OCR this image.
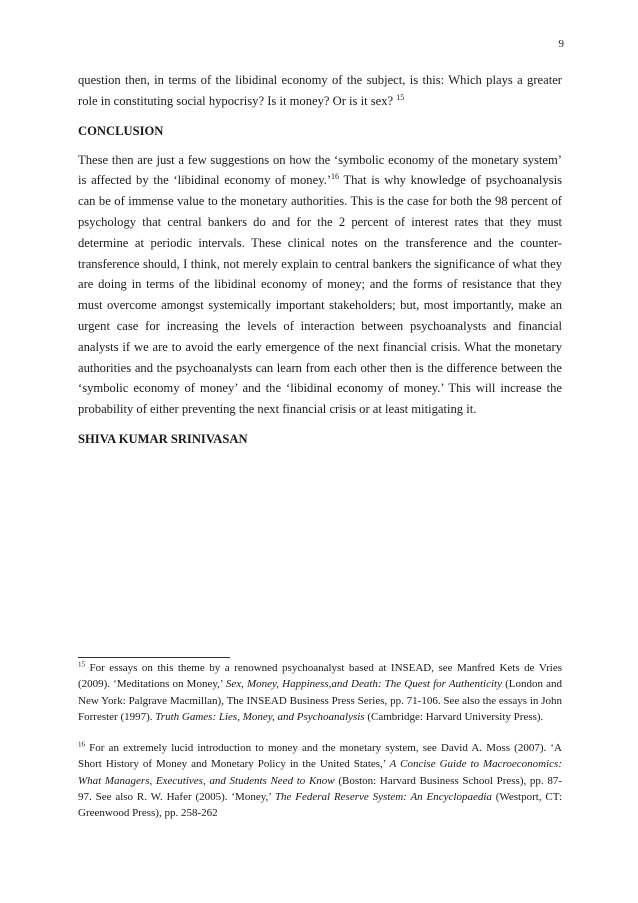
9

question then, in terms of the libidinal economy of the subject, is this: Which plays a greater role in constituting social hypocrisy? Is it money? Or is it sex? $^{15}$

CONCLUSION

These then are just a few suggestions on how the ‘symbolic economy of the monetary system’ is affected by the ‘libidinal economy of money.’$^{16}$ That is why knowledge of psychoanalysis can be of immense value to the monetary authorities. This is the case for both the 98 percent of psychology that central bankers do and for the 2 percent of interest rates that they must determine at periodic intervals. These clinical notes on the transference and the counter-transference should, I think, not merely explain to central bankers the significance of what they are doing in terms of the libidinal economy of money; and the forms of resistance that they must overcome amongst systemically important stakeholders; but, most importantly, make an urgent case for increasing the levels of interaction between psychoanalysts and financial analysts if we are to avoid the early emergence of the next financial crisis. What the monetary authorities and the psychoanalysts can learn from each other then is the difference between the ‘symbolic economy of money’ and the ‘libidinal economy of money.’ This will increase the probability of either preventing the next financial crisis or at least mitigating it.

SHIVA KUMAR SRINIVASAN

$^{15}$ For essays on this theme by a renowned psychoanalyst based at INSEAD, see Manfred Kets de Vries (2009). ‘Meditations on Money,’ Sex, Money, Happiness,and Death: The Quest for Authenticity (London and New York: Palgrave Macmillan), The INSEAD Business Press Series, pp. 71-106. See also the essays in John Forrester (1997). Truth Games: Lies, Money, and Psychoanalysis (Cambridge: Harvard University Press).

$^{16}$ For an extremely lucid introduction to money and the monetary system, see David A. Moss (2007). ‘A Short History of Money and Monetary Policy in the United States,’ A Concise Guide to Macroeconomics: What Managers, Executives, and Students Need to Know (Boston: Harvard Business School Press), pp. 87-97. See also R. W. Hafer (2005). ‘Money,’ The Federal Reserve System: An Encyclopaedia (Westport, CT: Greenwood Press), pp. 258-262
